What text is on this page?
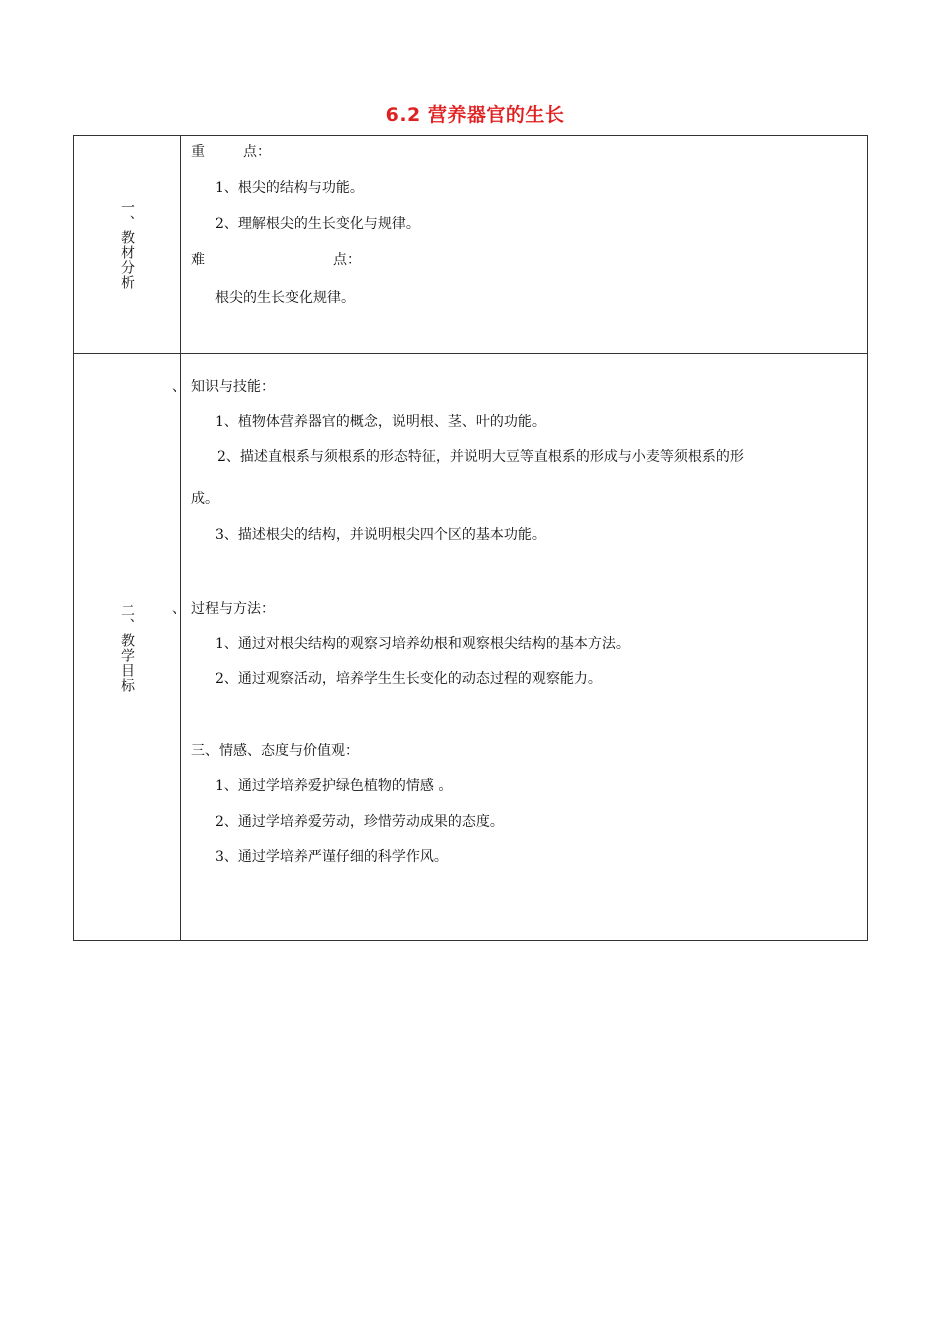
6.2 营养器官的生长
一、
教材分析
重	点：
1、根尖的结构与功能。
2、理解根尖的生长变化与规律。
难	点：
根尖的生长变化规律。
二、
教学目标
、
、
知识与技能：
1、植物体营养器官的概念，说明根、茎、叶的功能。
2、描述直根系与须根系的形态特征，并说明大豆等直根系的形成与小麦等须根系的形
成。
3、描述根尖的结构，并说明根尖四个区的基本功能。
过程与方法：
1、通过对根尖结构的观察习培养幼根和观察根尖结构的基本方法。
2、通过观察活动，培养学生生长变化的动态过程的观察能力。
三、情感、态度与价值观：
1、通过学培养爱护绿色植物的情感 。
2、通过学培养爱劳动，珍惜劳动成果的态度。
3、通过学培养严谨仔细的科学作风。
